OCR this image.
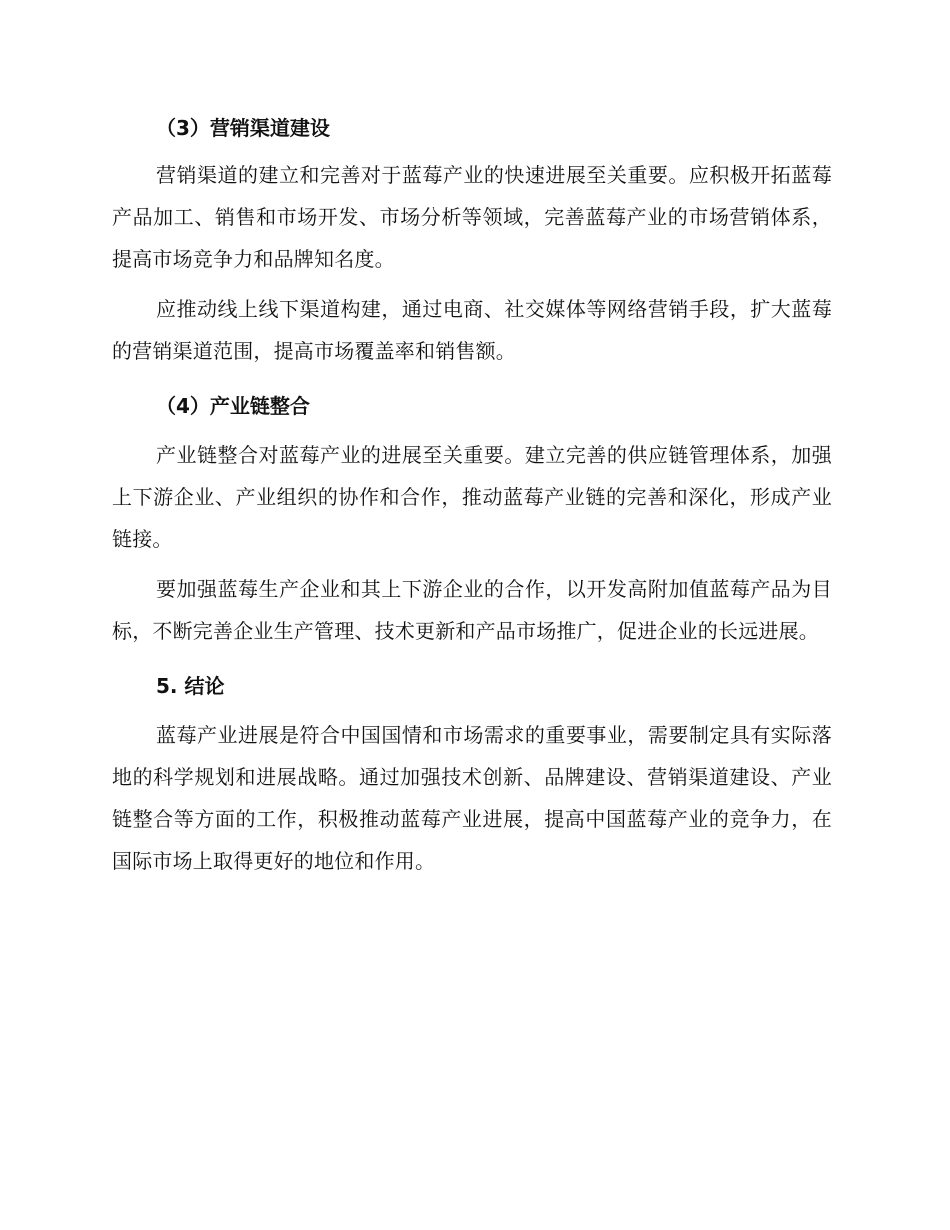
（3）营销渠道建设

营销渠道的建立和完善对于蓝莓产业的快速进展至关重要。应积极开拓蓝莓产品加工、销售和市场开发、市场分析等领域，完善蓝莓产业的市场营销体系，提高市场竞争力和品牌知名度。

应推动线上线下渠道构建，通过电商、社交媒体等网络营销手段，扩大蓝莓的营销渠道范围，提高市场覆盖率和销售额。

（4）产业链整合

产业链整合对蓝莓产业的进展至关重要。建立完善的供应链管理体系，加强上下游企业、产业组织的协作和合作，推动蓝莓产业链的完善和深化，形成产业链接。

要加强蓝莓生产企业和其上下游企业的合作，以开发高附加值蓝莓产品为目标，不断完善企业生产管理、技术更新和产品市场推广，促进企业的长远进展。

5. 结论

蓝莓产业进展是符合中国国情和市场需求的重要事业，需要制定具有实际落地的科学规划和进展战略。通过加强技术创新、品牌建设、营销渠道建设、产业链整合等方面的工作，积极推动蓝莓产业进展，提高中国蓝莓产业的竞争力，在国际市场上取得更好的地位和作用。
